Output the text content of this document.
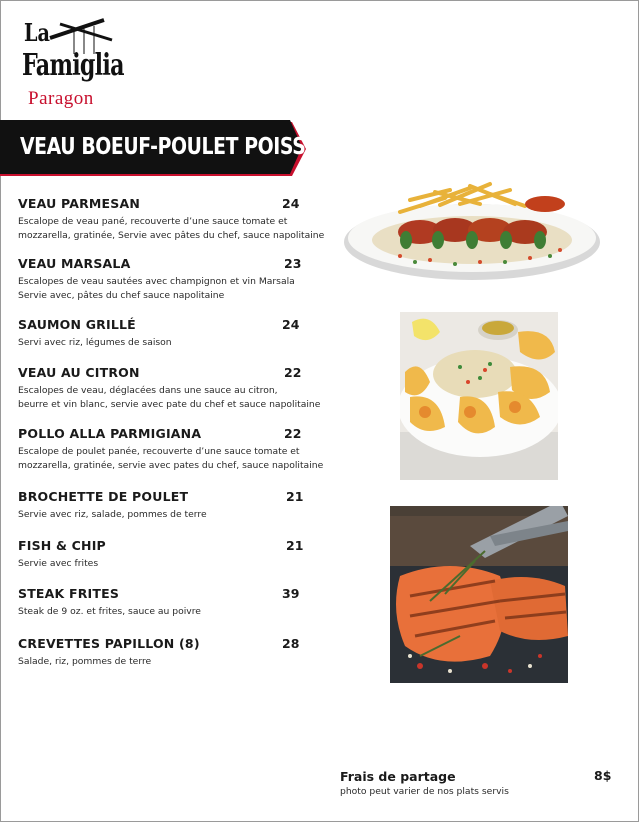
La
Famiglia
Paragon
VEAU BOEUF-POULET POISSON
VEAU PARMESAN	24
Escalope de veau pané, recouverte d’une sauce tomate et
mozzarella, gratinée, Servie avec pâtes du chef, sauce napolitaine
VEAU MARSALA	23
Escalopes de veau sautées avec champignon et vin Marsala
Servie avec, pâtes du chef sauce napolitaine
SAUMON GRILLÉ	24
Servi avec riz, légumes de saison
VEAU AU CITRON	22
Escalopes de veau, déglacées dans une sauce au citron,
beurre et vin blanc, servie avec pate du chef et sauce napolitaine
POLLO ALLA PARMIGIANA	22
Escalope de poulet panée, recouverte d’une sauce tomate et
mozzarella, gratinée, servie avec pates du chef, sauce napolitaine
BROCHETTE DE POULET	21
Servie avec riz, salade, pommes de terre
FISH & CHIP	21
Servie avec frites
STEAK FRITES	39
Steak de 9 oz. et frites, sauce au poivre
CREVETTES PAPILLON (8)	28
Salade, riz, pommes de terre
Frais de partage	8$
photo peut varier de nos plats servis
